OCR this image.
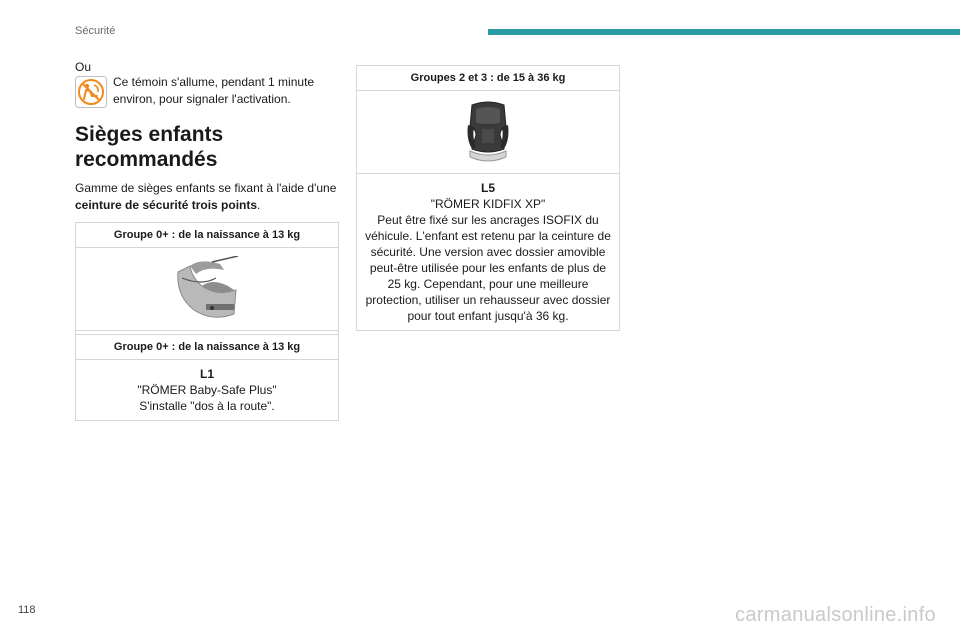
Sécurité
Ou
Ce témoin s'allume, pendant 1 minute environ, pour signaler l'activation.
Sièges enfants recommandés
Gamme de sièges enfants se fixant à l'aide d'une ceinture de sécurité trois points.
Groupe 0+ : de la naissance à 13 kg
Groupe 0+ : de la naissance à 13 kg
L1
"RÖMER Baby-Safe Plus"
S'installe "dos à la route".
Groupes 2 et 3 : de 15 à 36 kg
L5
"RÖMER KIDFIX XP"
Peut être fixé sur les ancrages ISOFIX du véhicule. L'enfant est retenu par la ceinture de sécurité. Une version avec dossier amovible peut-être utilisée pour les enfants de plus de 25 kg. Cependant, pour une meilleure protection, utiliser un rehausseur avec dossier pour tout enfant jusqu'à 36 kg.
118	carmanualsonline.info
